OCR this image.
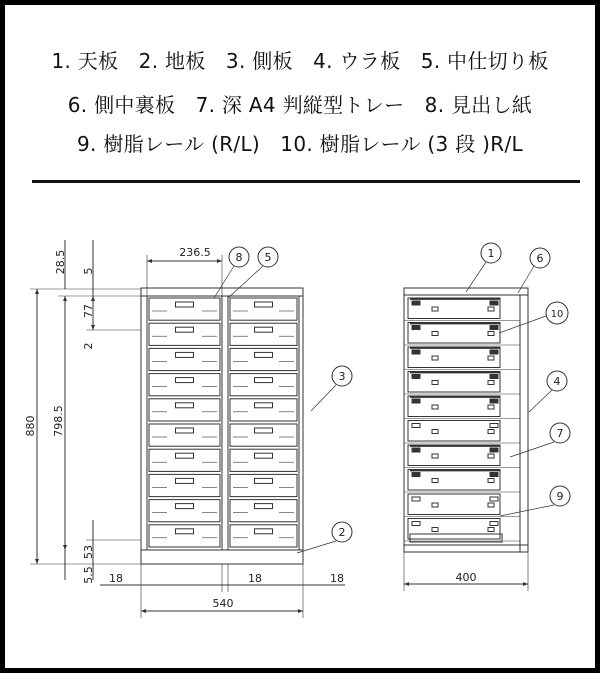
1. 天板　2. 地板　3. 側板　4. ウラ板　5. 中仕切り板
6. 側中裏板　7. 深 A4 判縦型トレー　8. 見出し紙
9. 樹脂レール (R/L)　10. 樹脂レール (3 段 )R/L
236.5
28.5 5
77
2
880 798.5
53
5.5 18	18	18
540
8 5
3
2
400
1	6
10
4
7
9
